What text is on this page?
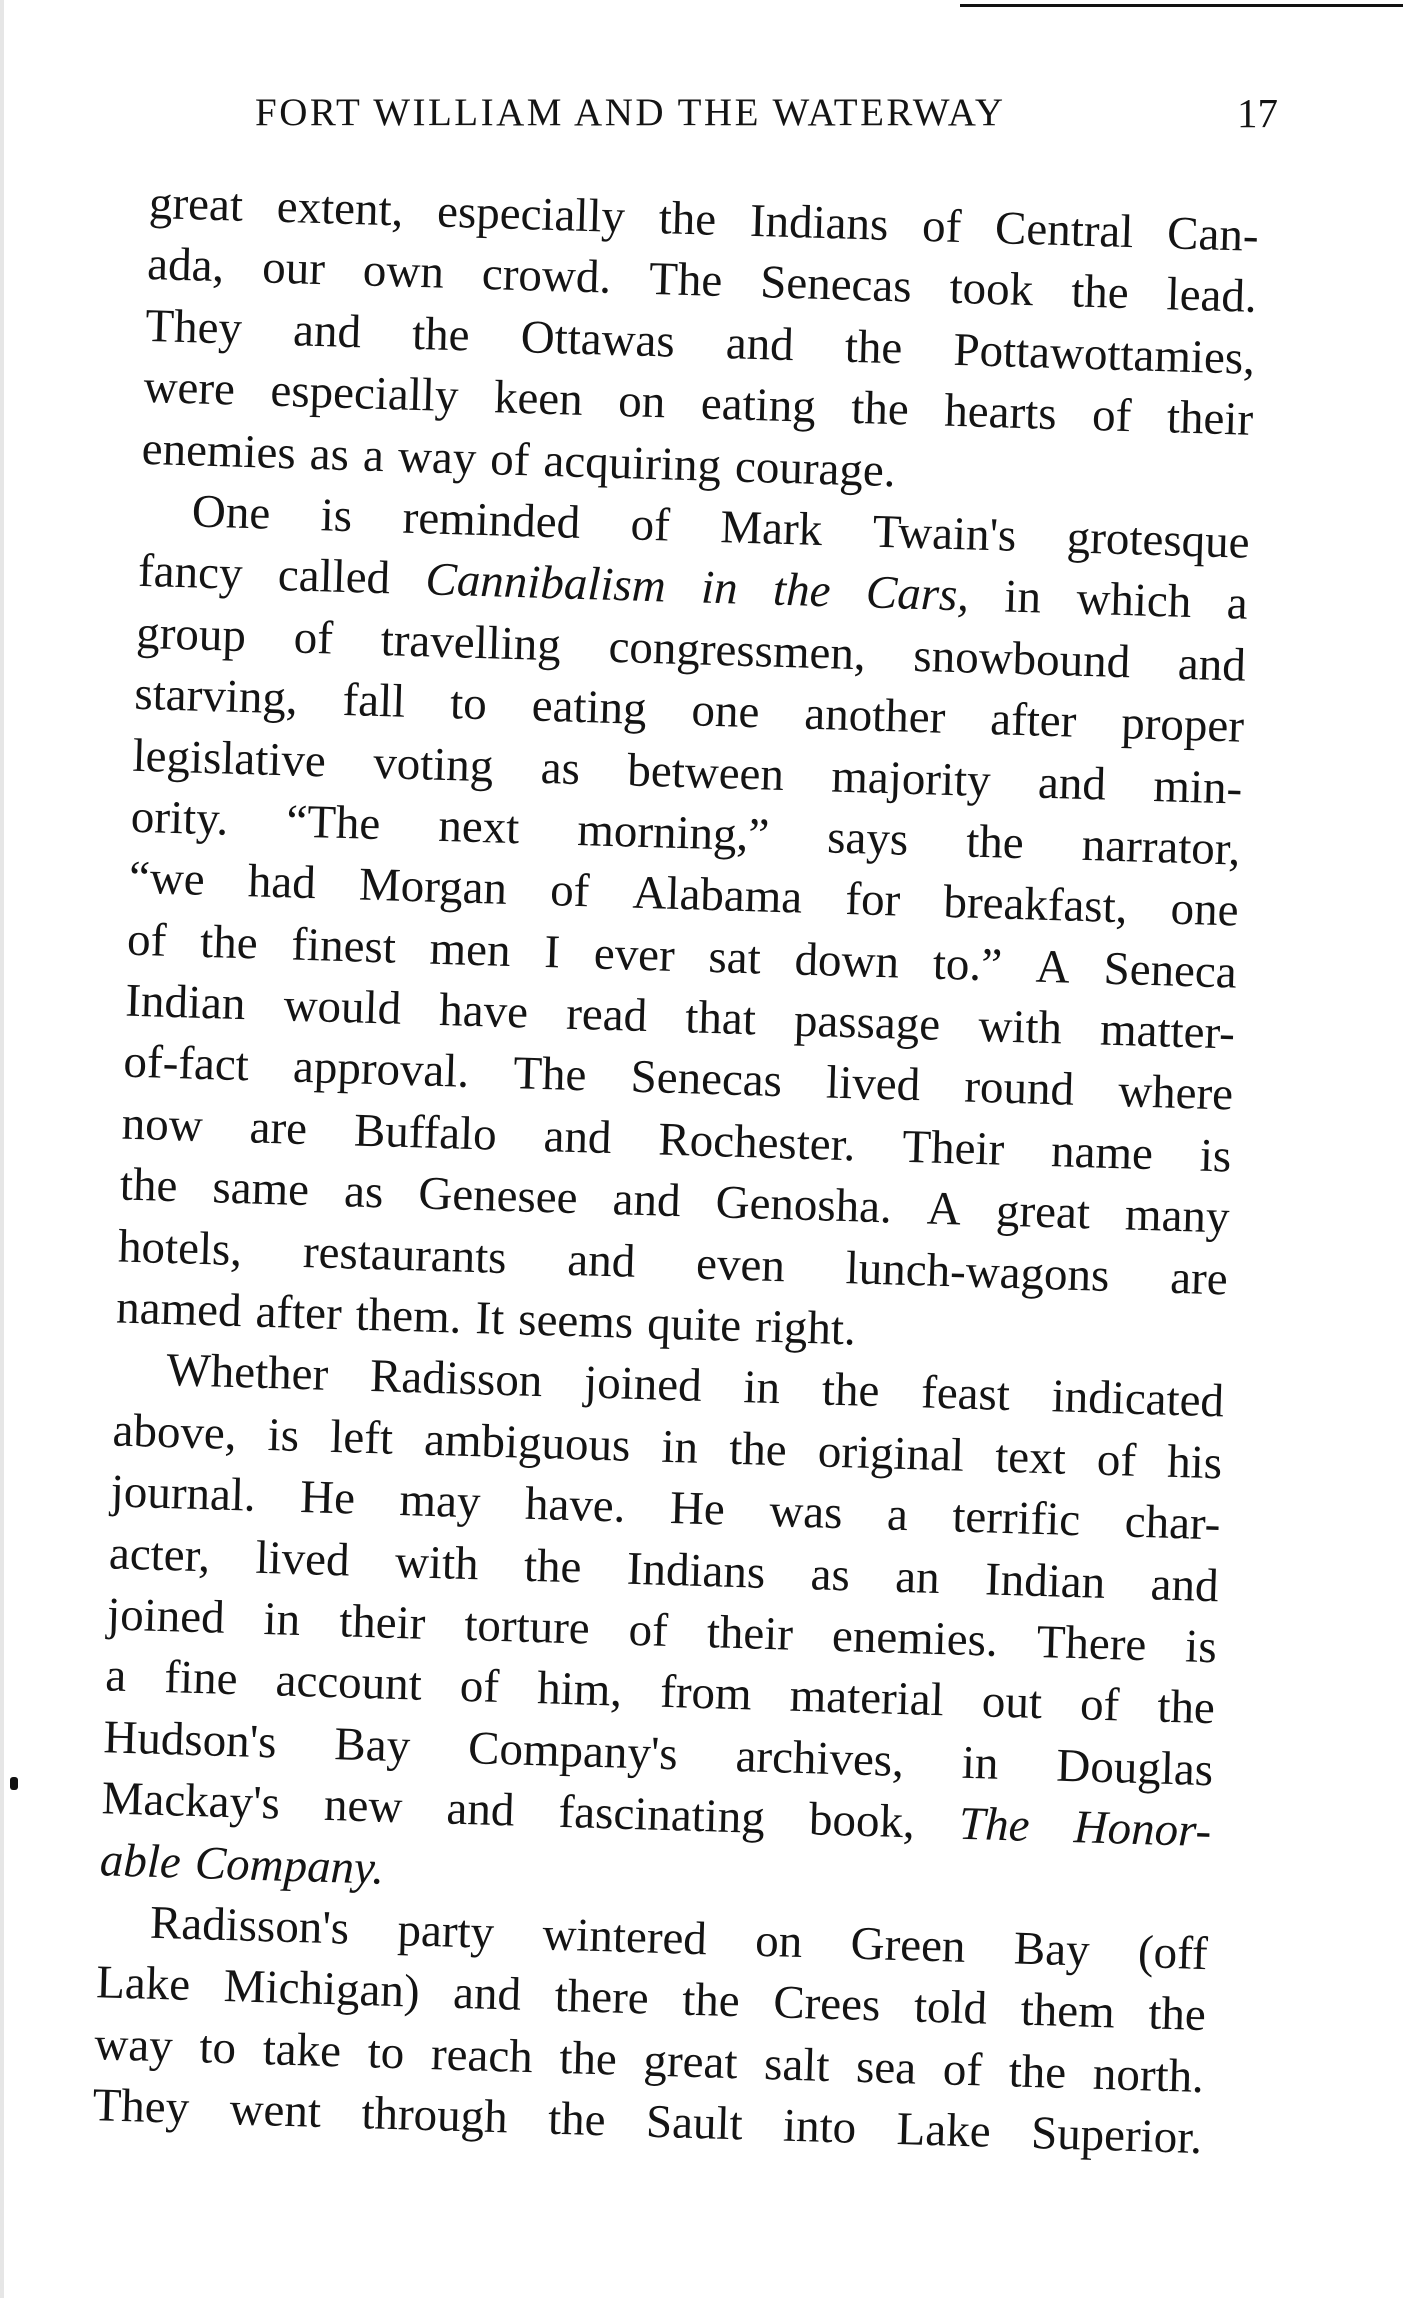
FORT WILLIAM AND THE WATERWAY	17
great extent, especially the Indians of Central Can-
ada, our own crowd. The Senecas took the lead.
They and the Ottawas and the Pottawottamies,
were especially keen on eating the hearts of their
enemies as a way of acquiring courage.
One is reminded of Mark Twain's grotesque
fancy called Cannibalism in the Cars, in which a
group of travelling congressmen, snowbound and
starving, fall to eating one another after proper
legislative voting as between majority and min-
ority. “The next morning,” says the narrator,
“we had Morgan of Alabama for breakfast, one
of the finest men I ever sat down to.” A Seneca
Indian would have read that passage with matter-
of-fact approval. The Senecas lived round where
now are Buffalo and Rochester. Their name is
the same as Genesee and Genosha. A great many
hotels, restaurants and even lunch-wagons are
named after them. It seems quite right.
Whether Radisson joined in the feast indicated
above, is left ambiguous in the original text of his
journal. He may have. He was a terrific char-
acter, lived with the Indians as an Indian and
joined in their torture of their enemies. There is
a fine account of him, from material out of the
Hudson's Bay Company's archives, in Douglas
Mackay's new and fascinating book, The Honor-
able Company.
Radisson's party wintered on Green Bay (off
Lake Michigan) and there the Crees told them the
way to take to reach the great salt sea of the north.
They went through the Sault into Lake Superior.
